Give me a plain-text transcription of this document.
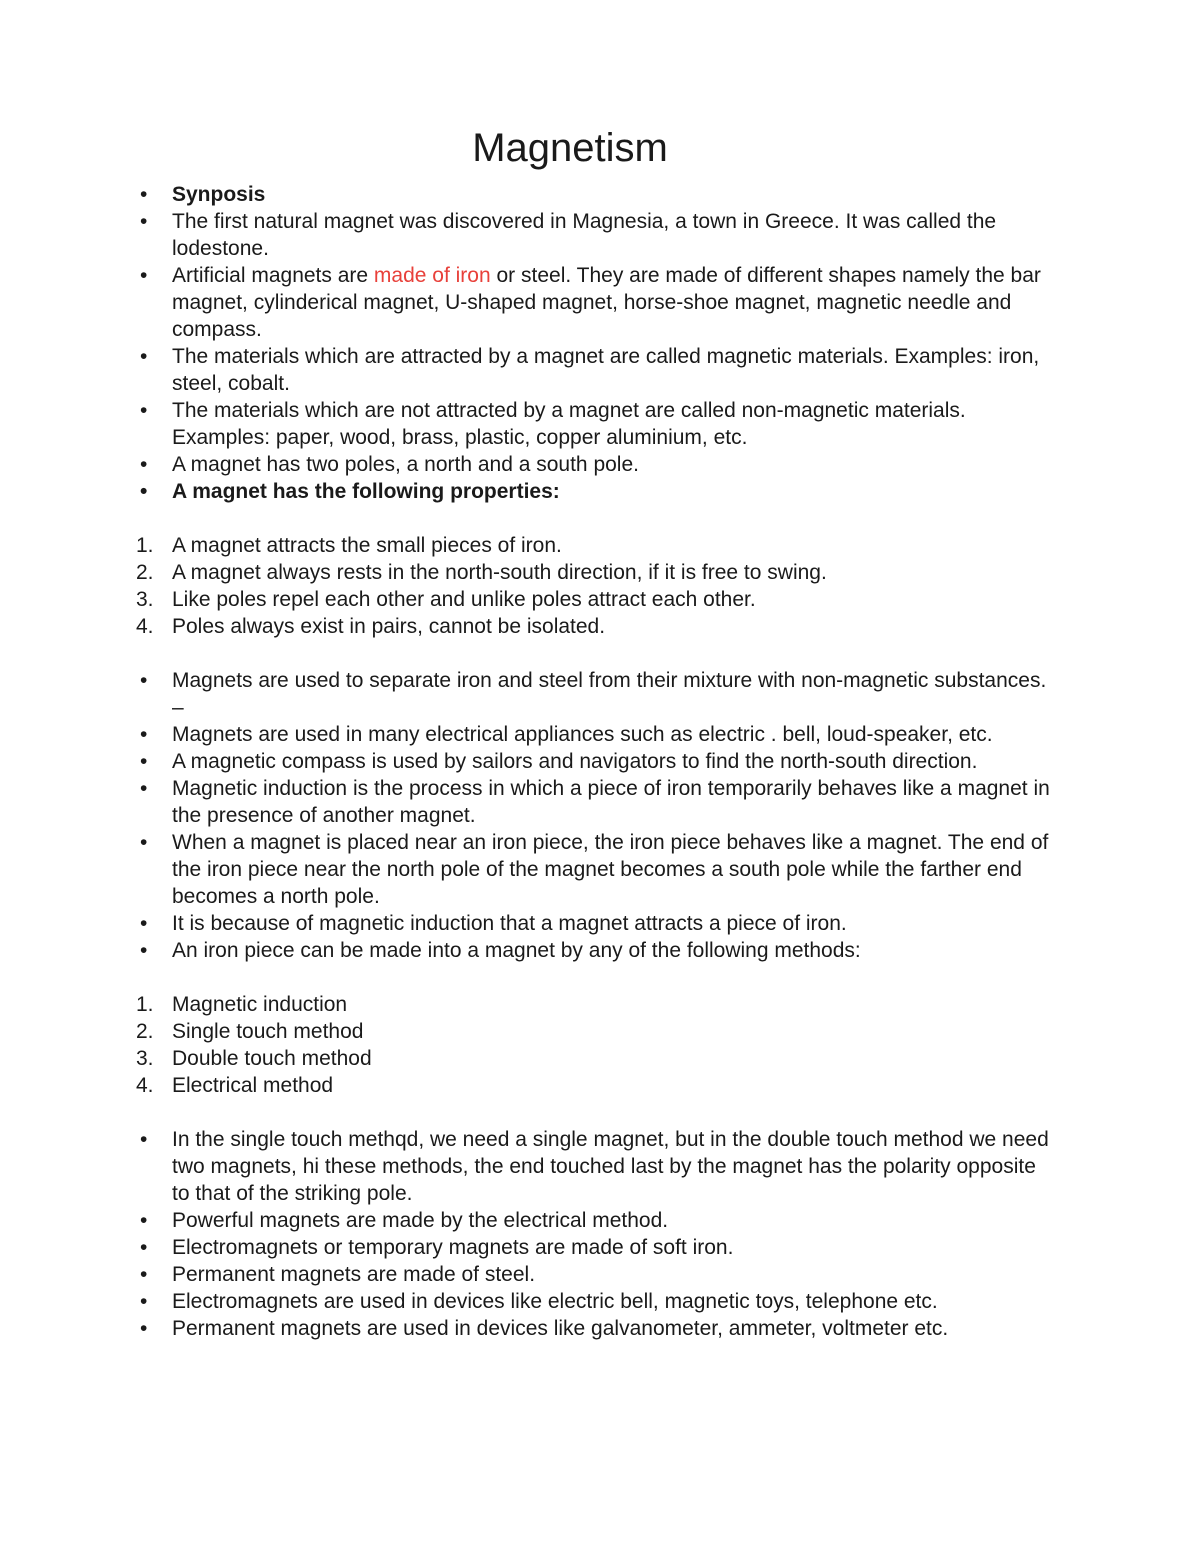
Magnetism
•	Synposis
•	The first natural magnet was discovered in Magnesia, a town in Greece. It was called the lodestone.
•	Artificial magnets are made of iron or steel. They are made of different shapes namely the bar magnet, cylinderical magnet, U-shaped magnet, horse-shoe magnet, magnetic needle and compass.
•	The materials which are attracted by a magnet are called magnetic materials. Examples: iron, steel, cobalt.
•	The materials which are not attracted by a magnet are called non-magnetic materials. Examples: paper, wood, brass, plastic, copper aluminium, etc.
•	A magnet has two poles, a north and a south pole.
•	A magnet has the following properties:
1. A magnet attracts the small pieces of iron.
2. A magnet always rests in the north-south direction, if it is free to swing.
3. Like poles repel each other and unlike poles attract each other.
4. Poles always exist in pairs, cannot be isolated.
•	Magnets are used to separate iron and steel from their mixture with non-magnetic substances. –
•	Magnets are used in many electrical appliances such as electric . bell, loud-speaker, etc.
•	A magnetic compass is used by sailors and navigators to find the north-south direction.
•	Magnetic induction is the process in which a piece of iron temporarily behaves like a magnet in the presence of another magnet.
•	When a magnet is placed near an iron piece, the iron piece behaves like a magnet. The end of the iron piece near the north pole of the magnet becomes a south pole while the farther end becomes a north pole.
•	It is because of magnetic induction that a magnet attracts a piece of iron.
•	An iron piece can be made into a magnet by any of the following methods:
1. Magnetic induction
2. Single touch method
3. Double touch method
4. Electrical method
•	In the single touch methqd, we need a single magnet, but in the double touch method we need two magnets, hi these methods, the end touched last by the magnet has the polarity opposite to that of the striking pole.
•	Powerful magnets are made by the electrical method.
•	Electromagnets or temporary magnets are made of soft iron.
•	Permanent magnets are made of steel.
•	Electromagnets are used in devices like electric bell, magnetic toys, telephone etc.
•	Permanent magnets are used in devices like galvanometer, ammeter, voltmeter etc.
